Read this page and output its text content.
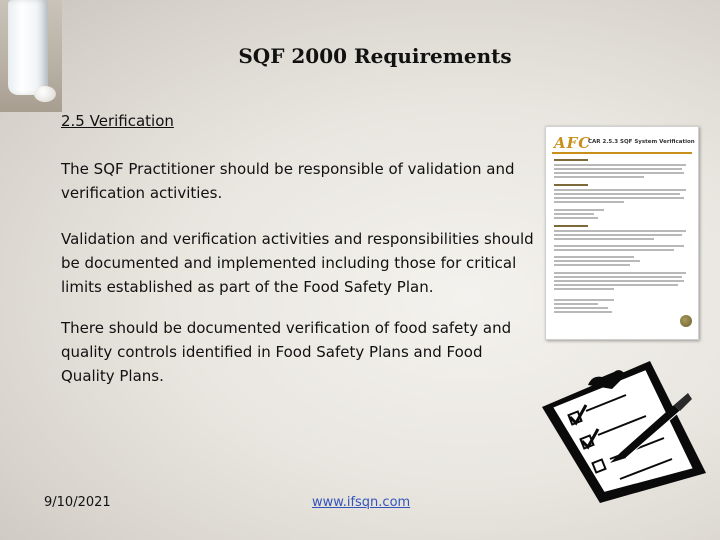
SQF 2000 Requirements
2.5 Verification
The SQF Practitioner should be responsible of validation and verification activities.
Validation and verification activities and responsibilities should be documented and implemented including those for critical limits established as part of the Food Safety Plan.
There should be documented verification of food safety and quality controls identified in Food Safety Plans and Food Quality Plans.
AFC
CAR 2.5.3 SQF System Verification
9/10/2021	www.ifsqn.com
